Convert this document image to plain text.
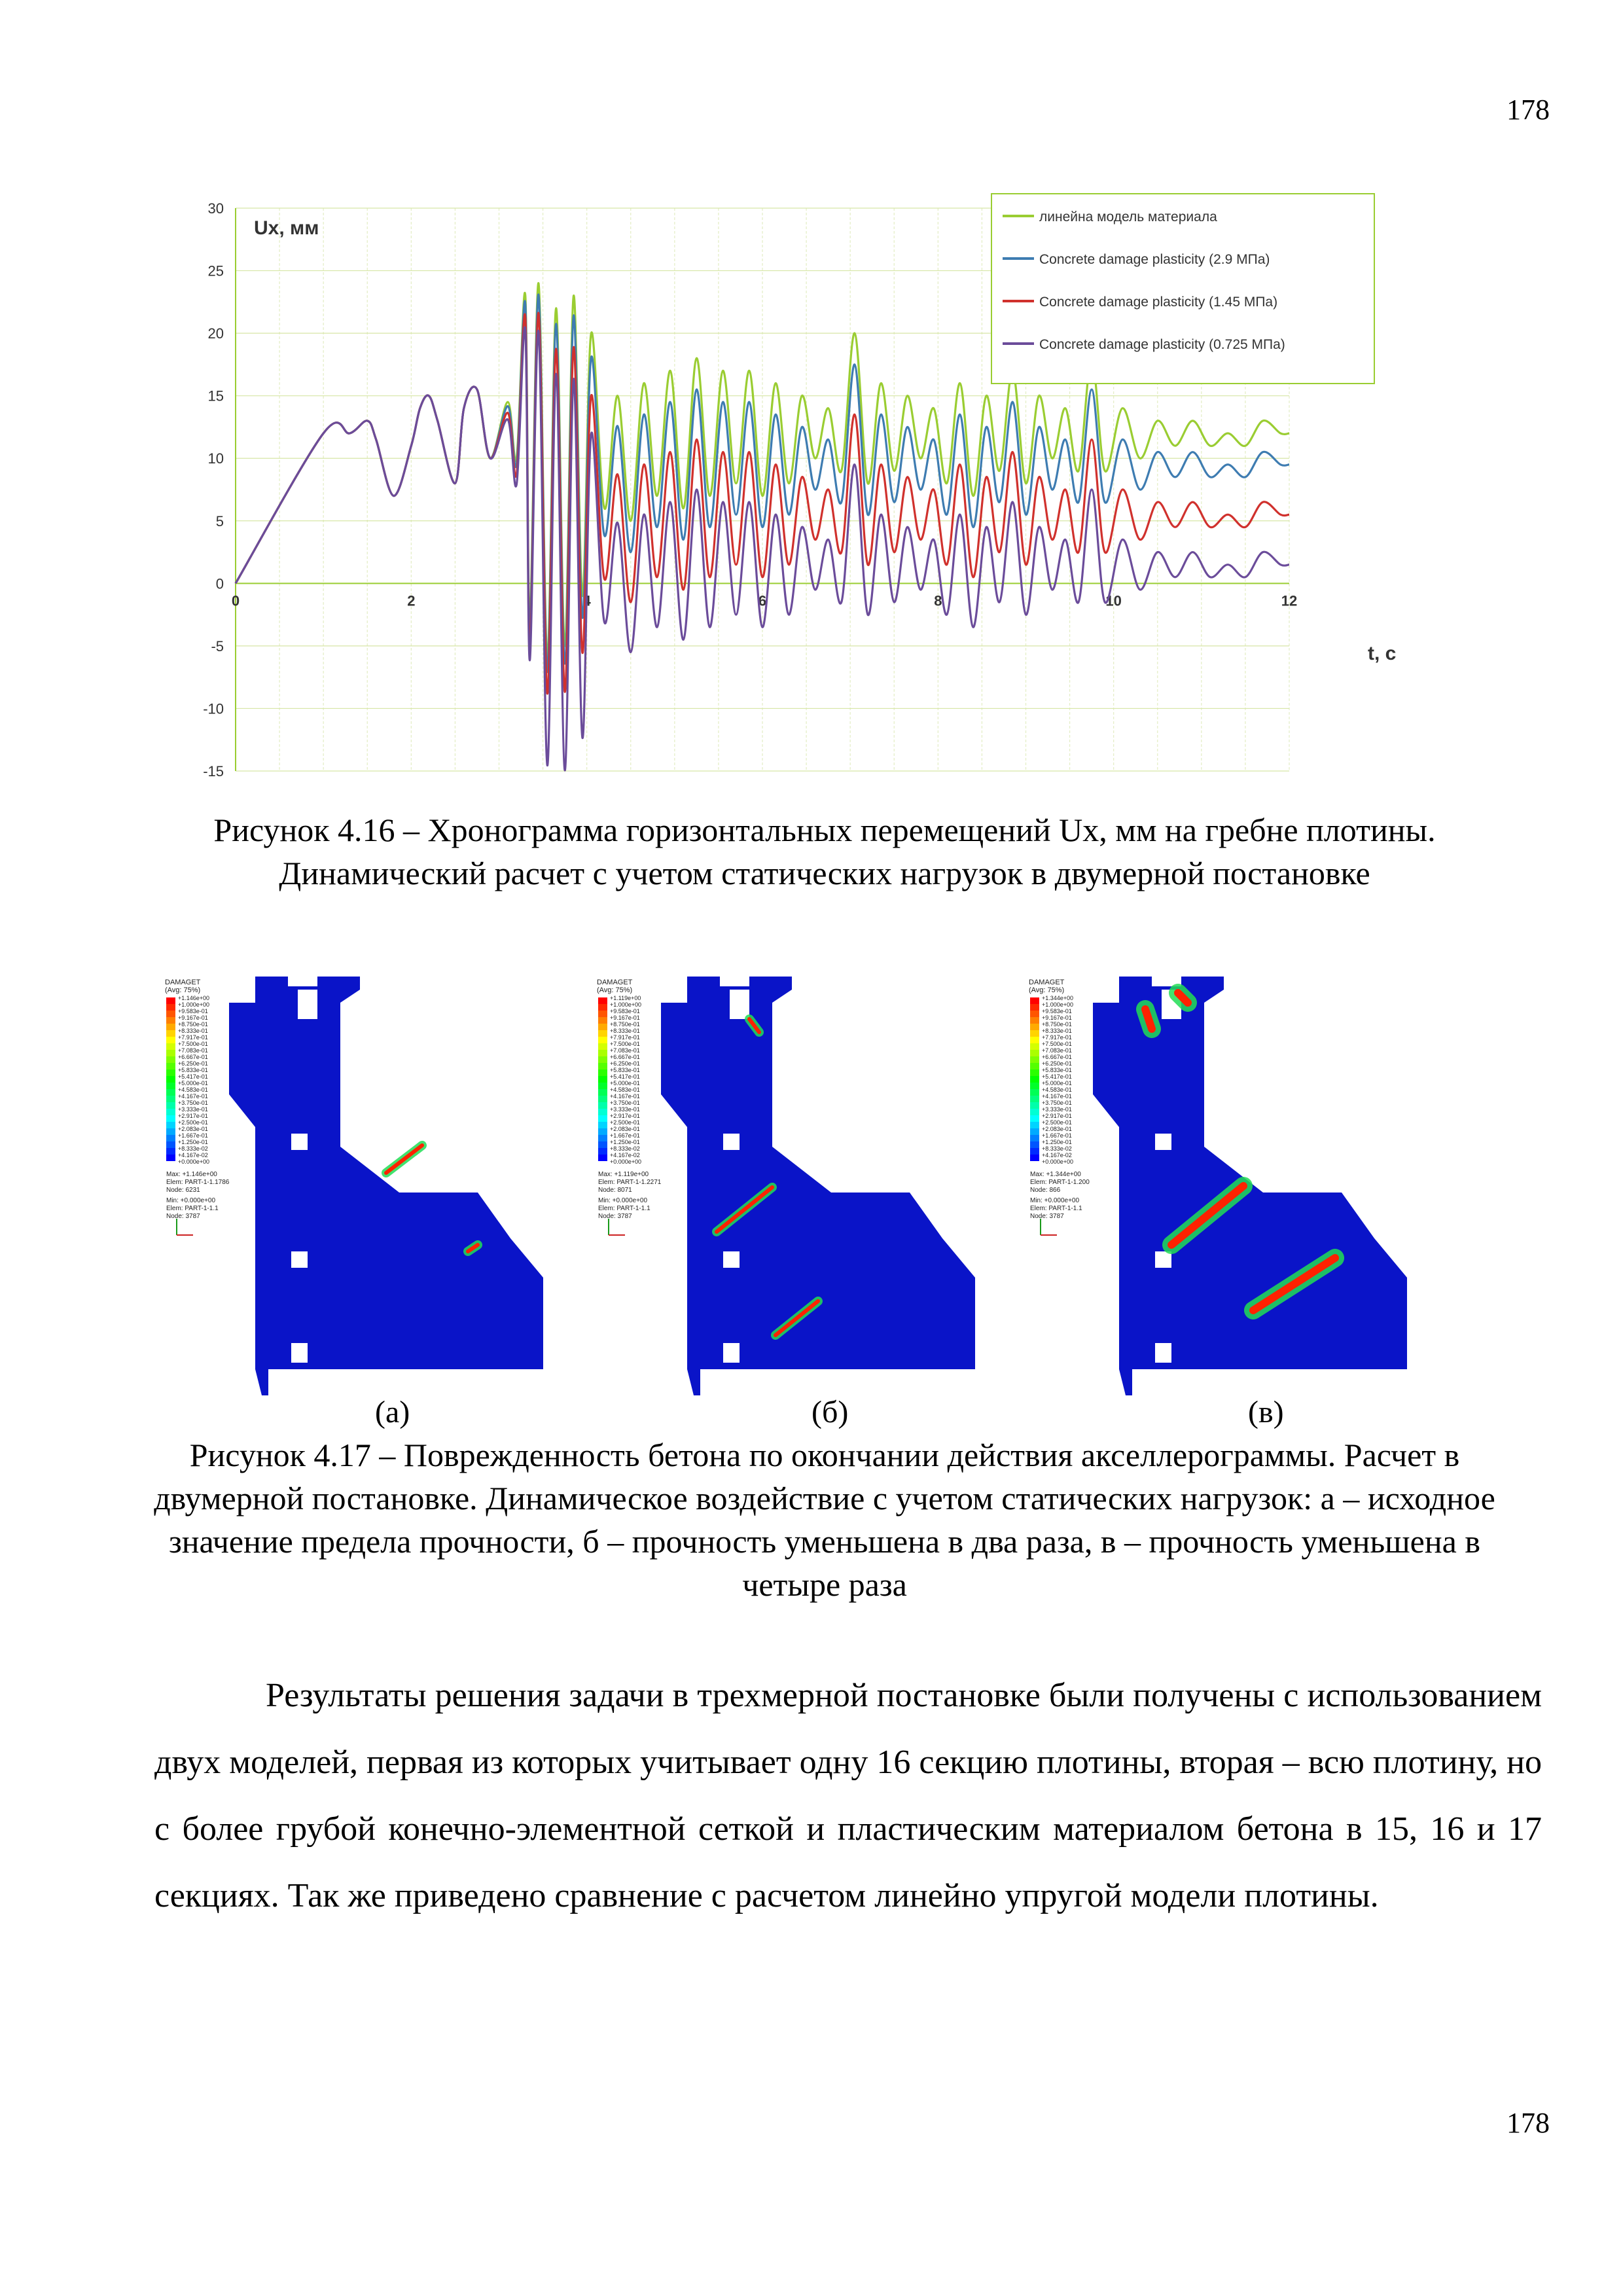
178
-15
-10
-5
0
5
10
15
20
25
30
0	2	4	6	8	10	12
Ux, мм
t, c
линейна модель материала
Concrete damage plasticity (2.9 МПа)
Concrete damage plasticity (1.45 МПа)
Concrete damage plasticity (0.725 МПа)
Рисунок 4.16 – Хронограмма горизонтальных перемещений Ux, мм на гребне плотины. Динамический расчет с учетом статических нагрузок в двумерной постановке
DAMAGET
(Avg: 75%)
+1.146e+00
+1.000e+00
+9.583e-01
+9.167e-01
+8.750e-01
+8.333e-01
+7.917e-01
+7.500e-01
+7.083e-01
+6.667e-01
+6.250e-01
+5.833e-01
+5.417e-01
+5.000e-01
+4.583e-01
+4.167e-01
+3.750e-01
+3.333e-01
+2.917e-01
+2.500e-01
+2.083e-01
+1.667e-01
+1.250e-01
+8.333e-02
+4.167e-02
+0.000e+00
Max: +1.146e+00
Elem: PART-1-1.1786
Node: 6231
Min: +0.000e+00
Elem: PART-1-1.1
Node: 3787
DAMAGET
(Avg: 75%)
+1.119e+00
+1.000e+00
+9.583e-01
+9.167e-01
+8.750e-01
+8.333e-01
+7.917e-01
+7.500e-01
+7.083e-01
+6.667e-01
+6.250e-01
+5.833e-01
+5.417e-01
+5.000e-01
+4.583e-01
+4.167e-01
+3.750e-01
+3.333e-01
+2.917e-01
+2.500e-01
+2.083e-01
+1.667e-01
+1.250e-01
+8.333e-02
+4.167e-02
+0.000e+00
Max: +1.119e+00
Elem: PART-1-1.2271
Node: 8071
Min: +0.000e+00
Elem: PART-1-1.1
Node: 3787
DAMAGET
(Avg: 75%)
+1.344e+00
+1.000e+00
+9.583e-01
+9.167e-01
+8.750e-01
+8.333e-01
+7.917e-01
+7.500e-01
+7.083e-01
+6.667e-01
+6.250e-01
+5.833e-01
+5.417e-01
+5.000e-01
+4.583e-01
+4.167e-01
+3.750e-01
+3.333e-01
+2.917e-01
+2.500e-01
+2.083e-01
+1.667e-01
+1.250e-01
+8.333e-02
+4.167e-02
+0.000e+00
Max: +1.344e+00
Elem: PART-1-1.200
Node: 866
Min: +0.000e+00
Elem: PART-1-1.1
Node: 3787
(а)	(б)	(в)
Рисунок 4.17 – Поврежденность бетона по окончании действия акселлерограммы. Расчет в двумерной постановке. Динамическое воздействие с учетом статических нагрузок: а – исходное значение предела прочности, б – прочность уменьшена в два раза, в – прочность уменьшена в четыре раза
Результаты решения задачи в трехмерной постановке были получены с использованием двух моделей, первая из которых учитывает одну 16 секцию плотины, вторая – всю плотину, но с более грубой конечно-элементной сеткой и пластическим материалом бетона в 15, 16 и 17 секциях. Так же приведено сравнение с расчетом линейно упругой модели плотины.
178
